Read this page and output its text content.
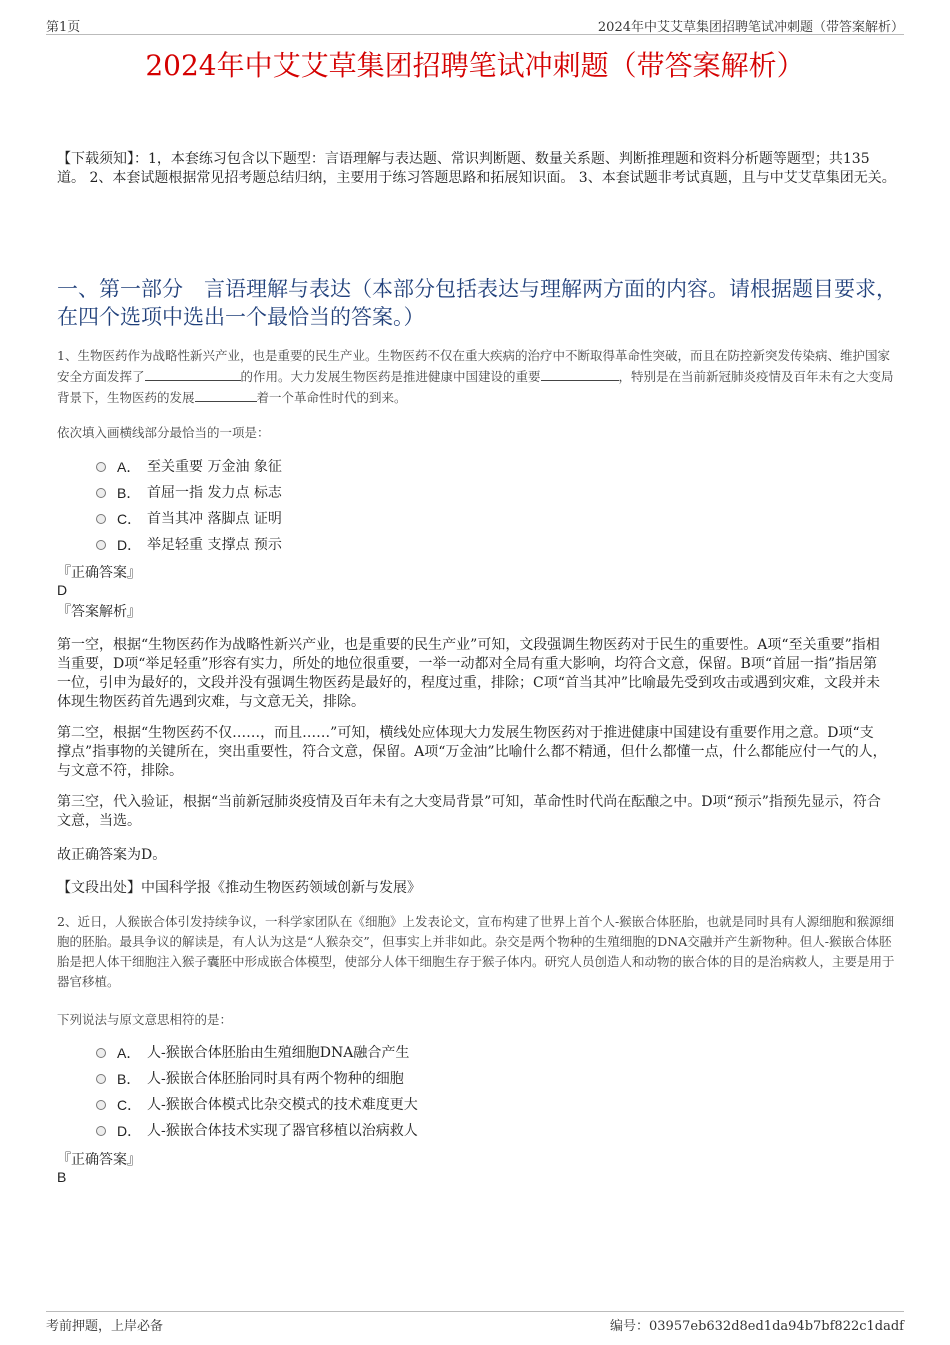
第1页	2024年中艾艾草集团招聘笔试冲刺题（带答案解析）
2024年中艾艾草集团招聘笔试冲刺题（带答案解析）
【下载须知】：1，本套练习包含以下题型：言语理解与表达题、常识判断题、数量关系题、判断推理题和资料分析题等题型；共135道。 2、本套试题根据常见招考题总结归纳，主要用于练习答题思路和拓展知识面。 3、本套试题非考试真题，且与中艾艾草集团无关。
一、第一部分　言语理解与表达（本部分包括表达与理解两方面的内容。请根据题目要求，在四个选项中选出一个最恰当的答案。）
1、生物医药作为战略性新兴产业，也是重要的民生产业。生物医药不仅在重大疾病的治疗中不断取得革命性突破，而且在防控新突发传染病、维护国家安全方面发挥了	的作用。大力发展生物医药是推进健康中国建设的重要	，特别是在当前新冠肺炎疫情及百年未有之大变局背景下，生物医药的发展	着一个革命性时代的到来。
依次填入画横线部分最恰当的一项是：
A． 至关重要 万金油 象征
B． 首屈一指 发力点 标志
C． 首当其冲 落脚点 证明
D． 举足轻重 支撑点 预示
『正确答案』
D
『答案解析』
第一空，根据“生物医药作为战略性新兴产业，也是重要的民生产业”可知，文段强调生物医药对于民生的重要性。A项“至关重要”指相当重要，D项“举足轻重”形容有实力，所处的地位很重要，一举一动都对全局有重大影响，均符合文意，保留。B项“首屈一指”指居第一位，引申为最好的，文段并没有强调生物医药是最好的，程度过重，排除；C项“首当其冲”比喻最先受到攻击或遇到灾难，文段并未体现生物医药首先遇到灾难，与文意无关，排除。
第二空，根据“生物医药不仅……，而且……”可知，横线处应体现大力发展生物医药对于推进健康中国建设有重要作用之意。D项“支撑点”指事物的关键所在，突出重要性，符合文意，保留。A项“万金油”比喻什么都不精通，但什么都懂一点，什么都能应付一气的人，与文意不符，排除。
第三空，代入验证，根据“当前新冠肺炎疫情及百年未有之大变局背景”可知，革命性时代尚在酝酿之中。D项“预示”指预先显示，符合文意，当选。
故正确答案为D。
【文段出处】中国科学报《推动生物医药领域创新与发展》
2、近日，人猴嵌合体引发持续争议，一科学家团队在《细胞》上发表论文，宣布构建了世界上首个人-猴嵌合体胚胎，也就是同时具有人源细胞和猴源细胞的胚胎。最具争议的解读是，有人认为这是“人猴杂交”，但事实上并非如此。杂交是两个物种的生殖细胞的DNA交融并产生新物种。但人-猴嵌合体胚胎是把人体干细胞注入猴子囊胚中形成嵌合体模型，使部分人体干细胞生存于猴子体内。研究人员创造人和动物的嵌合体的目的是治病救人，主要是用于器官移植。
下列说法与原文意思相符的是：
A． 人-猴嵌合体胚胎由生殖细胞DNA融合产生
B． 人-猴嵌合体胚胎同时具有两个物种的细胞
C． 人-猴嵌合体模式比杂交模式的技术难度更大
D． 人-猴嵌合体技术实现了器官移植以治病救人
『正确答案』
B
考前押题，上岸必备	编号：03957eb632d8ed1da94b7bf822c1dadf
